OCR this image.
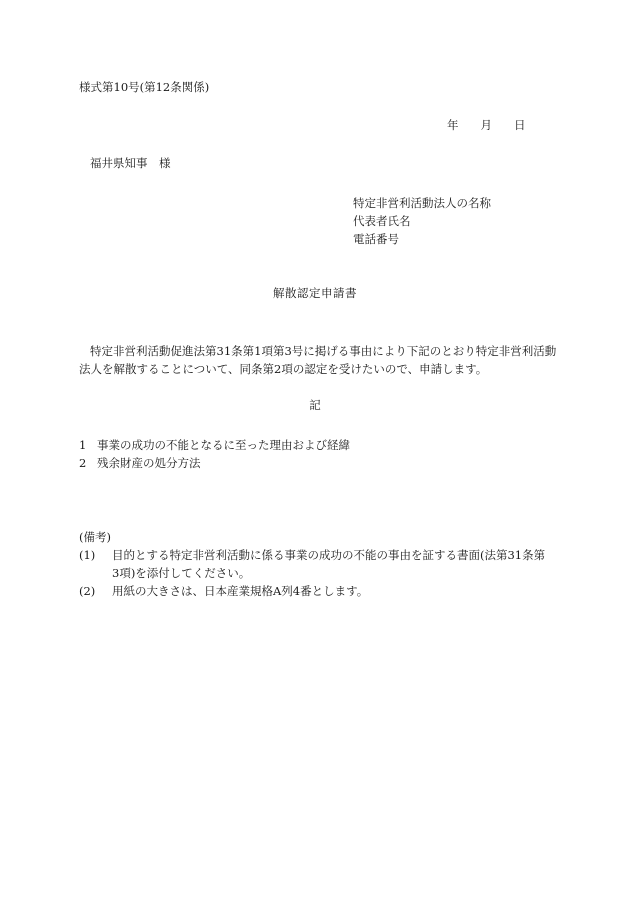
様式第10号(第12条関係)
年 月 日
福井県知事　様
特定非営利活動法人の名称
代表者氏名
電話番号
解散認定申請書
特定非営利活動促進法第31条第1項第3号に掲げる事由により下記のとおり特定非営利活動法人を解散することについて、同条第2項の認定を受けたいので、申請します。
記
1 事業の成功の不能となるに至った理由および経緯
2 残余財産の処分方法
(備考)
(1)	目的とする特定非営利活動に係る事業の成功の不能の事由を証する書面(法第31条第
3項)を添付してください。
(2)	用紙の大きさは、日本産業規格A列4番とします。
